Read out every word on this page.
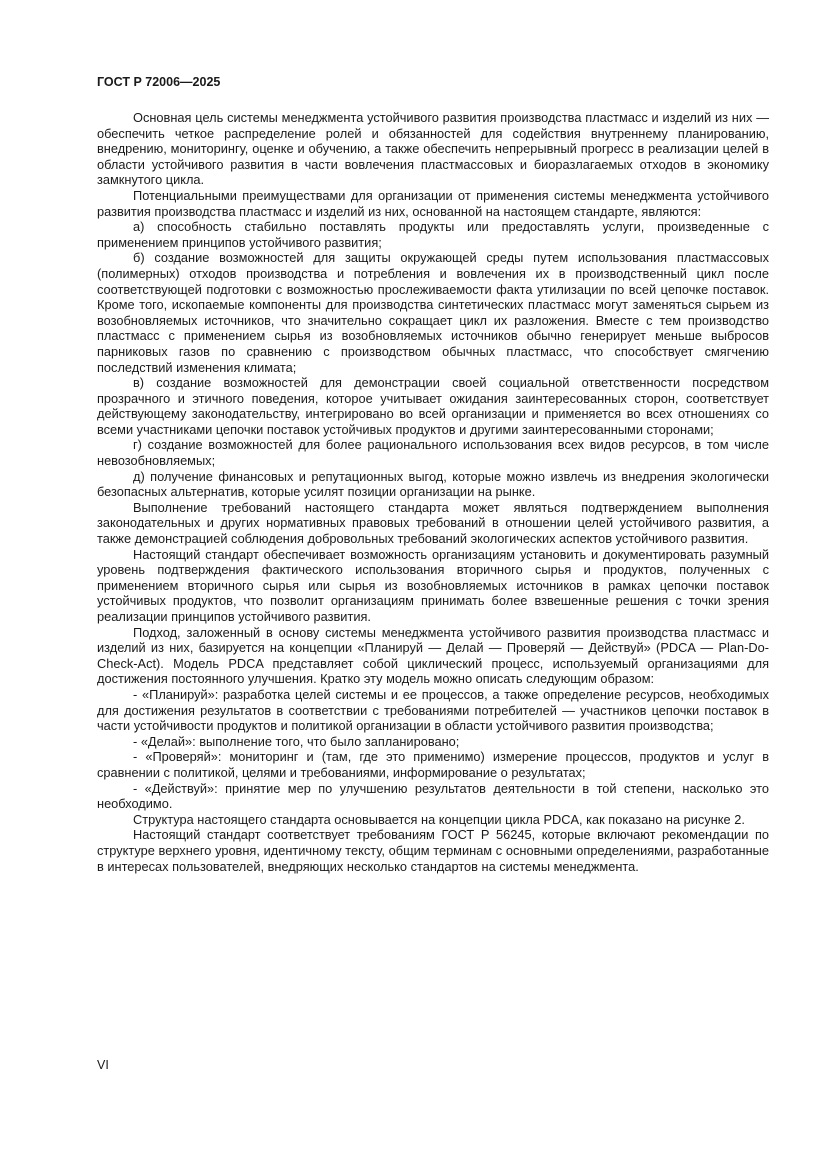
ГОСТ Р 72006—2025

Основная цель системы менеджмента устойчивого развития производства пластмасс и изделий из них — обеспечить четкое распределение ролей и обязанностей для содействия внутреннему планированию, внедрению, мониторингу, оценке и обучению, а также обеспечить непрерывный прогресс в реализации целей в области устойчивого развития в части вовлечения пластмассовых и биоразлагаемых отходов в экономику замкнутого цикла.

Потенциальными преимуществами для организации от применения системы менеджмента устойчивого развития производства пластмасс и изделий из них, основанной на настоящем стандарте, являются:

а) способность стабильно поставлять продукты или предоставлять услуги, произведенные с применением принципов устойчивого развития;

б) создание возможностей для защиты окружающей среды путем использования пластмассовых (полимерных) отходов производства и потребления и вовлечения их в производственный цикл после соответствующей подготовки с возможностью прослеживаемости факта утилизации по всей цепочке поставок. Кроме того, ископаемые компоненты для производства синтетических пластмасс могут заменяться сырьем из возобновляемых источников, что значительно сокращает цикл их разложения. Вместе с тем производство пластмасс с применением сырья из возобновляемых источников обычно генерирует меньше выбросов парниковых газов по сравнению с производством обычных пластмасс, что способствует смягчению последствий изменения климата;

в) создание возможностей для демонстрации своей социальной ответственности посредством прозрачного и этичного поведения, которое учитывает ожидания заинтересованных сторон, соответствует действующему законодательству, интегрировано во всей организации и применяется во всех отношениях со всеми участниками цепочки поставок устойчивых продуктов и другими заинтересованными сторонами;

г) создание возможностей для более рационального использования всех видов ресурсов, в том числе невозобновляемых;

д) получение финансовых и репутационных выгод, которые можно извлечь из внедрения экологически безопасных альтернатив, которые усилят позиции организации на рынке.

Выполнение требований настоящего стандарта может являться подтверждением выполнения законодательных и других нормативных правовых требований в отношении целей устойчивого развития, а также демонстрацией соблюдения добровольных требований экологических аспектов устойчивого развития.

Настоящий стандарт обеспечивает возможность организациям установить и документировать разумный уровень подтверждения фактического использования вторичного сырья и продуктов, полученных с применением вторичного сырья или сырья из возобновляемых источников в рамках цепочки поставок устойчивых продуктов, что позволит организациям принимать более взвешенные решения с точки зрения реализации принципов устойчивого развития.

Подход, заложенный в основу системы менеджмента устойчивого развития производства пластмасс и изделий из них, базируется на концепции «Планируй — Делай — Проверяй — Действуй» (PDCA — Plan-Do-Check-Act). Модель PDCA представляет собой циклический процесс, используемый организациями для достижения постоянного улучшения. Кратко эту модель можно описать следующим образом:

- «Планируй»: разработка целей системы и ее процессов, а также определение ресурсов, необходимых для достижения результатов в соответствии с требованиями потребителей — участников цепочки поставок в части устойчивости продуктов и политикой организации в области устойчивого развития производства;

- «Делай»: выполнение того, что было запланировано;

- «Проверяй»: мониторинг и (там, где это применимо) измерение процессов, продуктов и услуг в сравнении с политикой, целями и требованиями, информирование о результатах;

- «Действуй»: принятие мер по улучшению результатов деятельности в той степени, насколько это необходимо.

Структура настоящего стандарта основывается на концепции цикла PDCA, как показано на рисунке 2.

Настоящий стандарт соответствует требованиям ГОСТ Р 56245, которые включают рекомендации по структуре верхнего уровня, идентичному тексту, общим терминам с основными определениями, разработанные в интересах пользователей, внедряющих несколько стандартов на системы менеджмента.

VI
